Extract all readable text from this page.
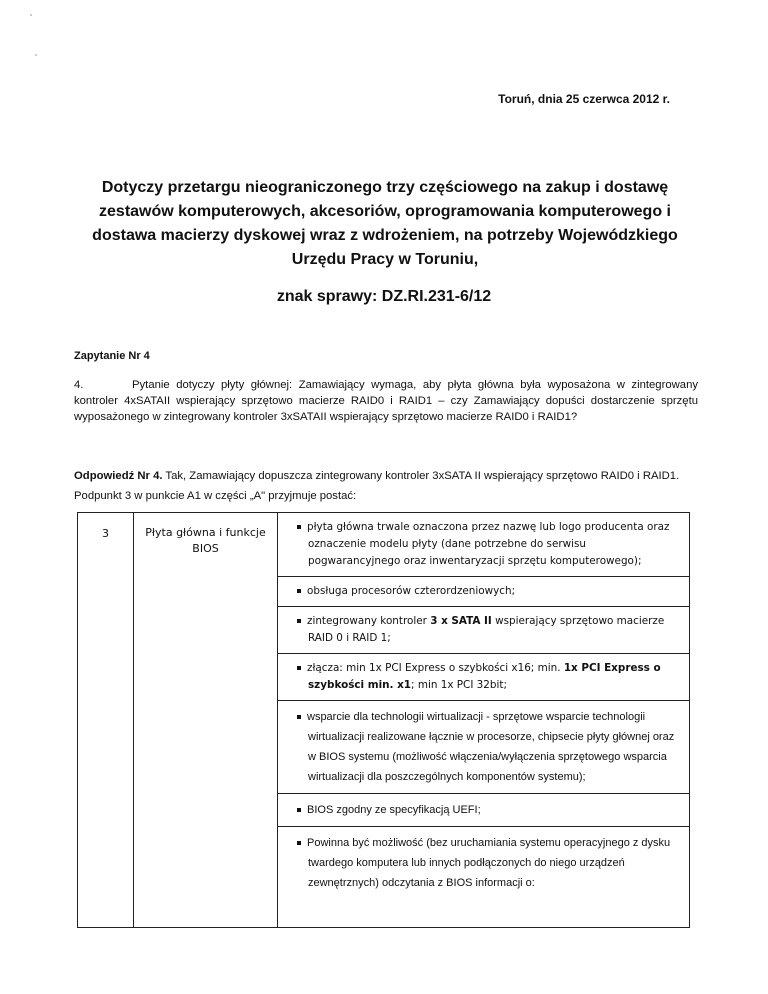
Toruń, dnia 25 czerwca 2012 r.
Dotyczy przetargu nieograniczonego trzy częściowego na zakup i dostawę
zestawów komputerowych, akcesoriów, oprogramowania komputerowego i
dostawa macierzy dyskowej wraz z wdrożeniem, na potrzeby Wojewódzkiego
Urzędu Pracy w Toruniu,
znak sprawy: DZ.RI.231-6/12
Zapytanie Nr 4
4.	Pytanie dotyczy płyty głównej: Zamawiający wymaga, aby płyta główna była wyposażona w zintegrowany kontroler 4xSATAII wspierający sprzętowo macierze RAID0 i RAID1 – czy Zamawiający dopuści dostarczenie sprzętu wyposażonego w zintegrowany kontroler 3xSATAII wspierający sprzętowo macierze RAID0 i RAID1?
Odpowiedź Nr 4. Tak, Zamawiający dopuszcza zintegrowany kontroler 3xSATA II wspierający sprzętowo RAID0 i RAID1. Podpunkt 3 w punkcie A1 w części „A" przyjmuje postać:
3	Płyta główna i funkcje BIOS	
płyta główna trwale oznaczona przez nazwę lub logo producenta oraz oznaczenie modelu płyty (dane potrzebne do serwisu pogwarancyjnego oraz inwentaryzacji sprzętu komputerowego);
obsługa procesorów czterordzeniowych;
zintegrowany kontroler 3 x SATA II wspierający sprzętowo macierze RAID 0 i RAID 1;
złącza: min 1x PCI Express o szybkości x16; min. 1x PCI Express o szybkości min. x1; min 1x PCI 32bit;
wsparcie dla technologii wirtualizacji - sprzętowe wsparcie technologii wirtualizacji realizowane łącznie w procesorze, chipsecie płyty głównej oraz w BIOS systemu (możliwość włączenia/wyłączenia sprzętowego wsparcia wirtualizacji dla poszczególnych komponentów systemu);
BIOS zgodny ze specyfikacją UEFI;
Powinna być możliwość (bez uruchamiania systemu operacyjnego z dysku twardego komputera lub innych podłączonych do niego urządzeń zewnętrznych) odczytania z BIOS informacji o:
